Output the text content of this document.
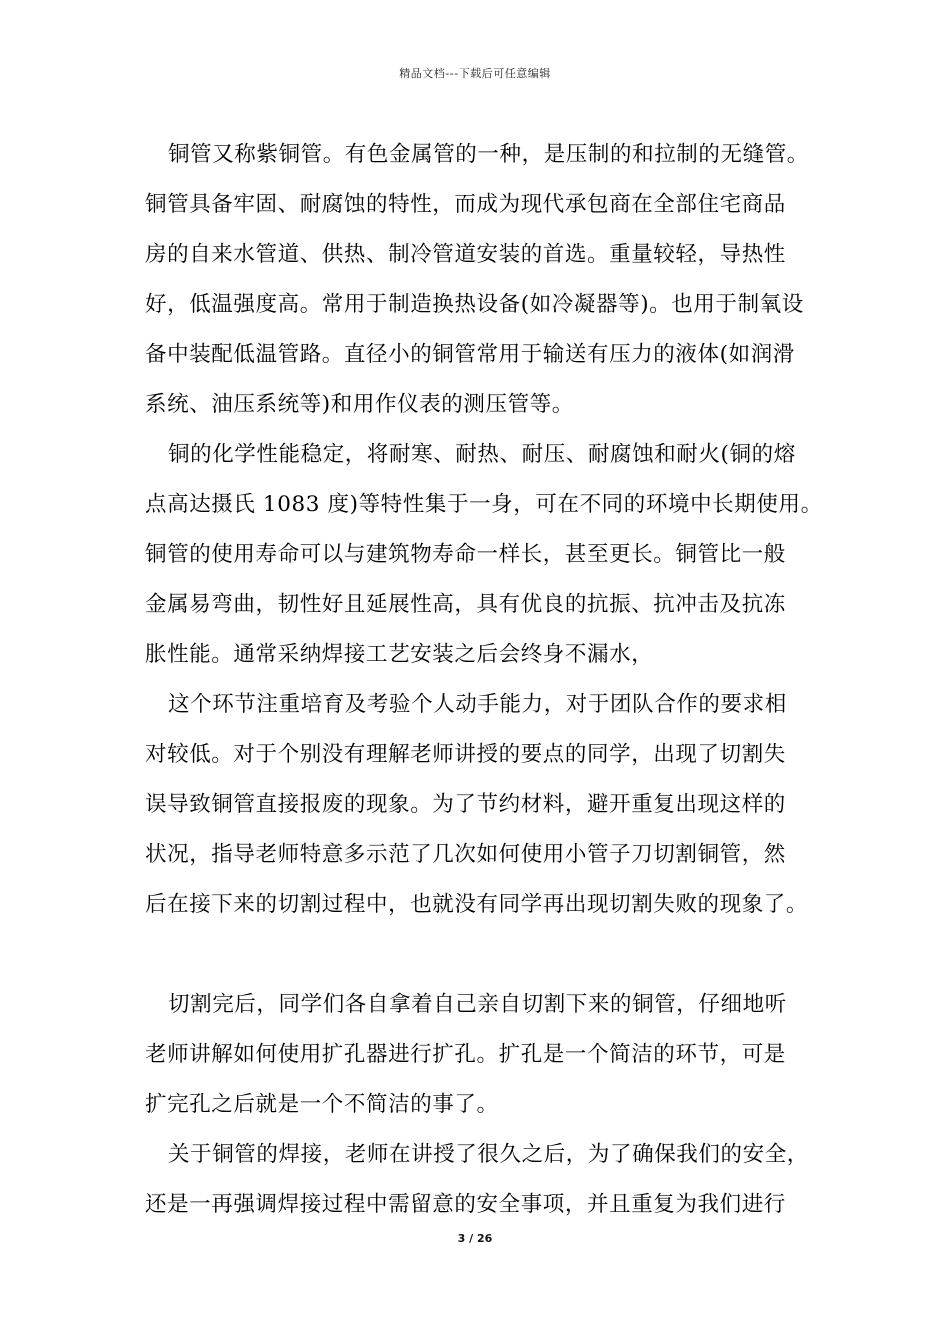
精品文档---下载后可任意编辑
铜管又称紫铜管。有色金属管的一种，是压制的和拉制的无缝管。
铜管具备牢固、耐腐蚀的特性，而成为现代承包商在全部住宅商品
房的自来水管道、供热、制冷管道安装的首选。重量较轻，导热性
好，低温强度高。常用于制造换热设备(如冷凝器等)。也用于制氧设
备中装配低温管路。直径小的铜管常用于输送有压力的液体(如润滑
系统、油压系统等)和用作仪表的测压管等。
铜的化学性能稳定，将耐寒、耐热、耐压、耐腐蚀和耐火(铜的熔
点高达摄氏 1083 度)等特性集于一身，可在不同的环境中长期使用。
铜管的使用寿命可以与建筑物寿命一样长，甚至更长。铜管比一般
金属易弯曲，韧性好且延展性高，具有优良的抗振、抗冲击及抗冻
胀性能。通常采纳焊接工艺安装之后会终身不漏水，
这个环节注重培育及考验个人动手能力，对于团队合作的要求相
对较低。对于个别没有理解老师讲授的要点的同学，出现了切割失
误导致铜管直接报废的现象。为了节约材料，避开重复出现这样的
状况，指导老师特意多示范了几次如何使用小管子刀切割铜管，然
后在接下来的切割过程中，也就没有同学再出现切割失败的现象了。
切割完后，同学们各自拿着自己亲自切割下来的铜管，仔细地听
老师讲解如何使用扩孔器进行扩孔。扩孔是一个简洁的环节，可是
扩完孔之后就是一个不简洁的事了。
关于铜管的焊接，老师在讲授了很久之后，为了确保我们的安全，
还是一再强调焊接过程中需留意的安全事项，并且重复为我们进行
3 / 26
